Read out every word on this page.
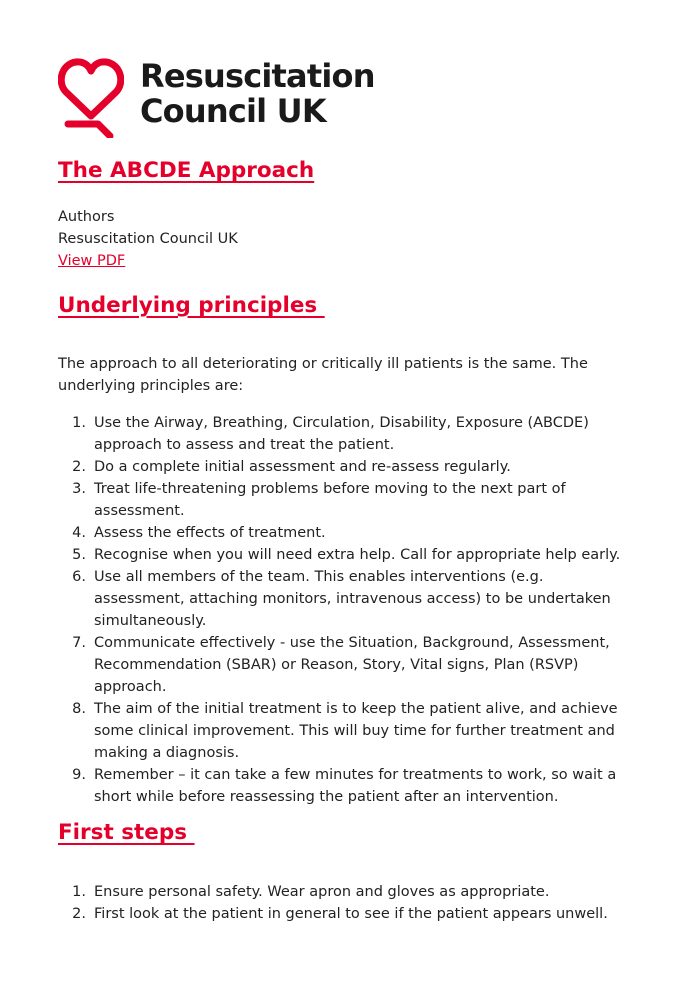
Resuscitation
Council UK
The ABCDE Approach
Authors
Resuscitation Council UK
View PDF
Underlying principles

The approach to all deteriorating or critically ill patients is the same. The underlying principles are:

1. Use the Airway, Breathing, Circulation, Disability, Exposure (ABCDE) approach to assess and treat the patient.
2. Do a complete initial assessment and re-assess regularly.
3. Treat life-threatening problems before moving to the next part of assessment.
4. Assess the effects of treatment.
5. Recognise when you will need extra help. Call for appropriate help early.
6. Use all members of the team. This enables interventions (e.g. assessment, attaching monitors, intravenous access) to be undertaken simultaneously.
7. Communicate effectively - use the Situation, Background, Assessment, Recommendation (SBAR) or Reason, Story, Vital signs, Plan (RSVP) approach.
8. The aim of the initial treatment is to keep the patient alive, and achieve some clinical improvement. This will buy time for further treatment and making a diagnosis.
9. Remember – it can take a few minutes for treatments to work, so wait a short while before reassessing the patient after an intervention.
First steps
1. Ensure personal safety. Wear apron and gloves as appropriate.
2. First look at the patient in general to see if the patient appears unwell.
